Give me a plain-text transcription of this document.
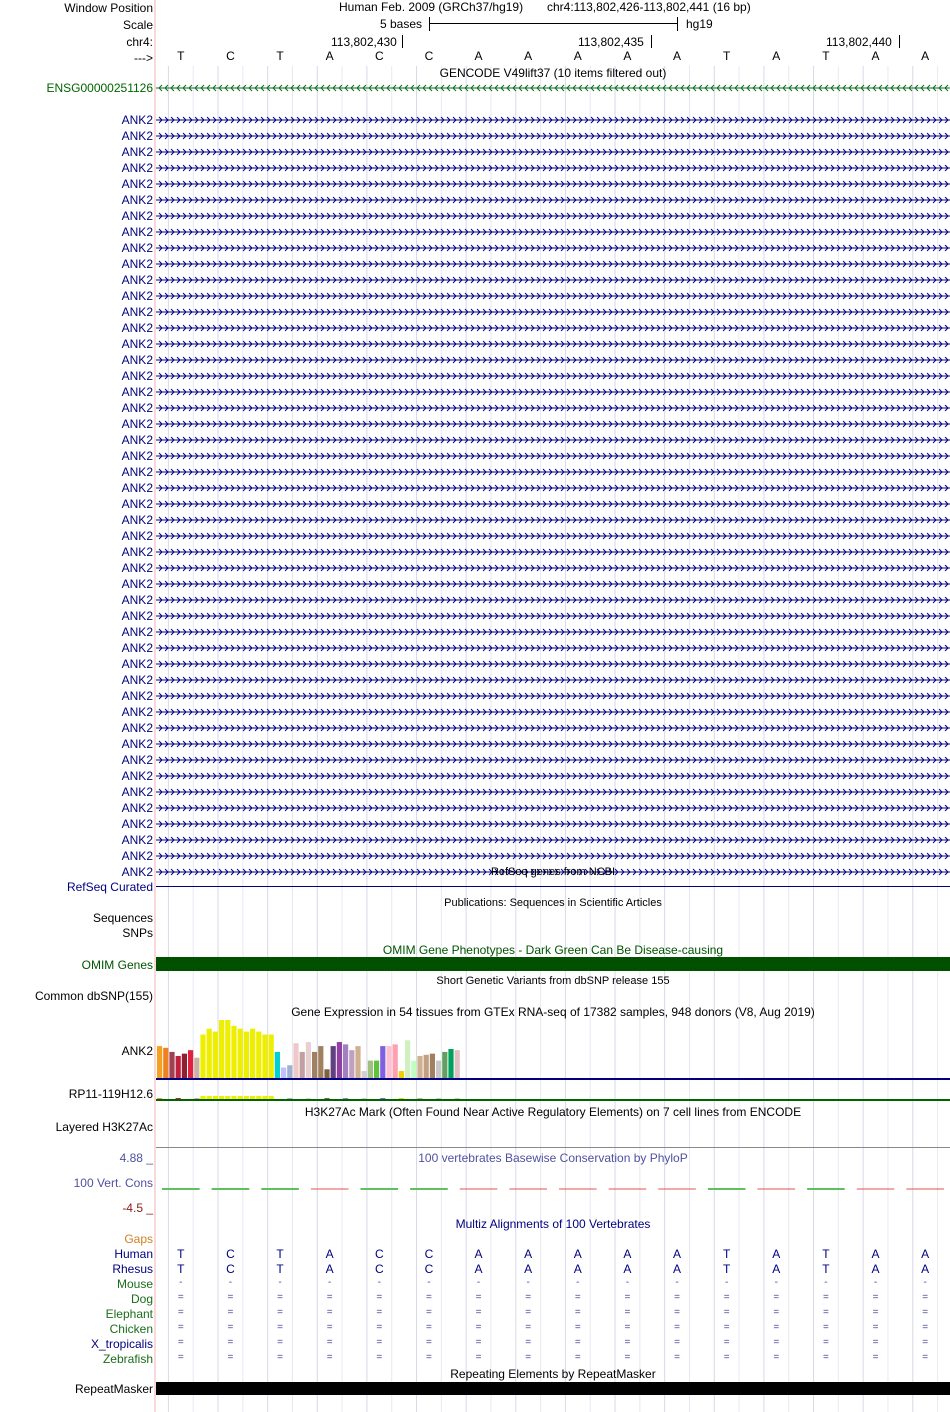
Window Position	Human Feb. 2009 (GRCh37/hg19) chr4:113,802,426-113,802,441 (16 bp)
Scale	5 bases	hg19
chr4:	113,802,430	113,802,435	113,802,440
--->	T	C	T	A	C	C	A	A	A	A	A	T	A	T	A	A
GENCODE V49lift37 (10 items filtered out)
ENSG00000251126
ANK2
ANK2
ANK2
ANK2
ANK2
ANK2
ANK2
ANK2
ANK2
ANK2
ANK2
ANK2
ANK2
ANK2
ANK2
ANK2
ANK2
ANK2
ANK2
ANK2
ANK2
ANK2
ANK2
ANK2
ANK2
ANK2
ANK2
ANK2
ANK2
ANK2
ANK2
ANK2
ANK2
ANK2
ANK2
ANK2
ANK2
ANK2
ANK2
ANK2
ANK2
ANK2
ANK2
ANK2
ANK2
ANK2
ANK2
ANK2	RefSeq genes from NCBI
RefSeq Curated
Publications: Sequences in Scientific Articles
Sequences
SNPs
OMIM Gene Phenotypes - Dark Green Can Be Disease-causing
OMIM Genes
Short Genetic Variants from dbSNP release 155
Common dbSNP(155)
Gene Expression in 54 tissues from GTEx RNA-seq of 17382 samples, 948 donors (V8, Aug 2019)
ANK2
RP11-119H12.6
H3K27Ac Mark (Often Found Near Active Regulatory Elements) on 7 cell lines from ENCODE
Layered H3K27Ac
4.88 _	100 vertebrates Basewise Conservation by PhyloP
100 Vert. Cons
-4.5 _
Multiz Alignments of 100 Vertebrates
Gaps
Human	T	C	T	A	C	C	A	A	A	A	A	T	A	T	A	A
Rhesus	T	C	T	A	C	C	A	A	A	A	A	T	A	T	A	A
Mouse	-	-	-	-	-	-	-	-	-	-	-	-	-	-	-	-
Dog	=	=	=	=	=	=	=	=	=	=	=	=	=	=	=	=
Elephant	=	=	=	=	=	=	=	=	=	=	=	=	=	=	=	=
Chicken	=	=	=	=	=	=	=	=	=	=	=	=	=	=	=	=
X_tropicalis	=	=	=	=	=	=	=	=	=	=	=	=	=	=	=	=
Zebrafish	=	=	=	=	=	=	=	=	=	=	=	=	=	=	=	=
RepeatMasker
Repeating Elements by RepeatMasker
